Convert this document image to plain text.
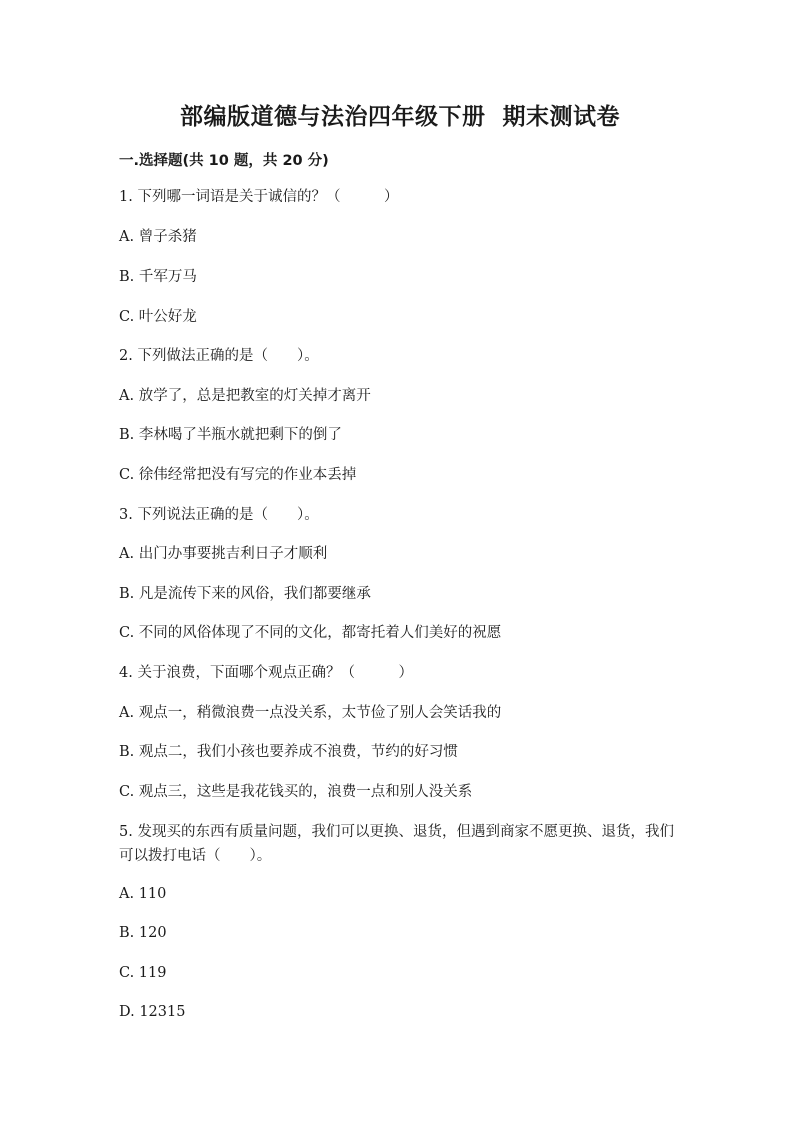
部编版道德与法治四年级下册  期末测试卷
一.选择题(共 10 题，共 20 分)
1. 下列哪一词语是关于诚信的？（　　　）
A. 曾子杀猪
B. 千军万马
C. 叶公好龙
2. 下列做法正确的是（　　）。
A. 放学了，总是把教室的灯关掉才离开
B. 李林喝了半瓶水就把剩下的倒了
C. 徐伟经常把没有写完的作业本丢掉
3. 下列说法正确的是（　　）。
A. 出门办事要挑吉利日子才顺利
B. 凡是流传下来的风俗，我们都要继承
C. 不同的风俗体现了不同的文化，都寄托着人们美好的祝愿
4. 关于浪费，下面哪个观点正确？（　　　）
A. 观点一，稍微浪费一点没关系，太节俭了别人会笑话我的
B. 观点二，我们小孩也要养成不浪费，节约的好习惯
C. 观点三，这些是我花钱买的，浪费一点和别人没关系
5. 发现买的东西有质量问题，我们可以更换、退货，但遇到商家不愿更换、退货，我们可以拨打电话（　　）。
A. 110
B. 120
C. 119
D. 12315
